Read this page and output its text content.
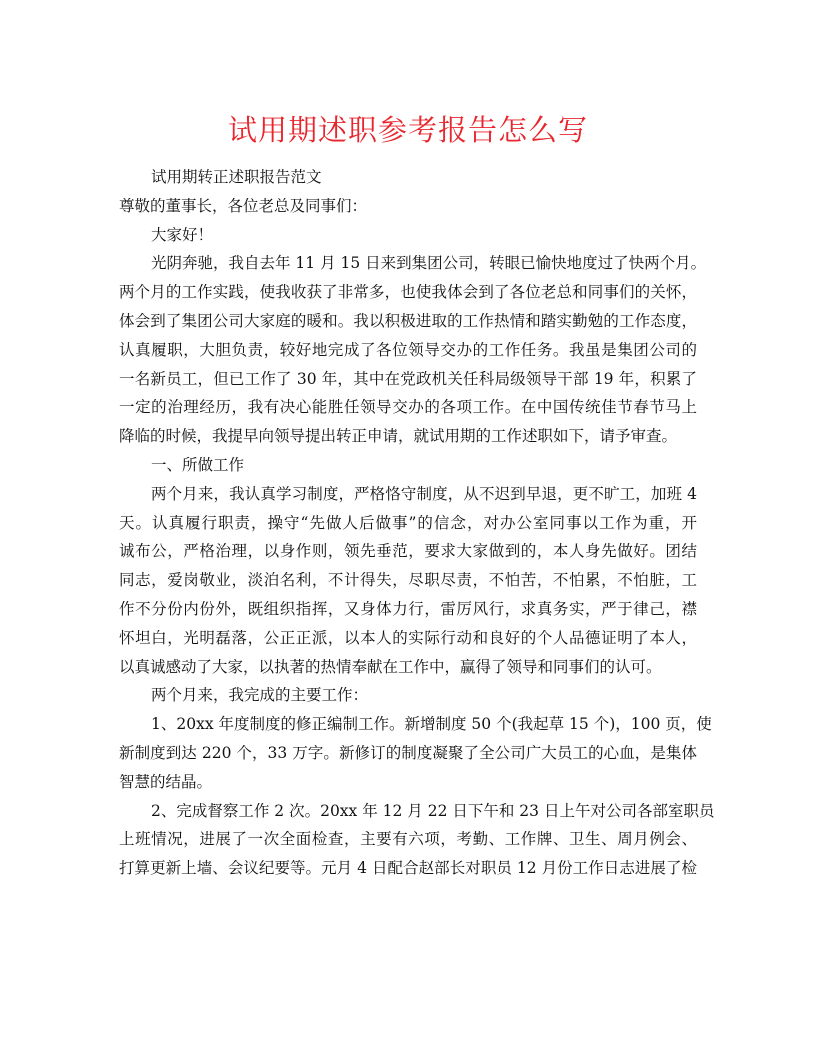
试用期述职参考报告怎么写
试用期转正述职报告范文
尊敬的董事长，各位老总及同事们：
大家好！
光阴奔驰，我自去年 11 月 15 日来到集团公司，转眼已愉快地度过了快两个月。
两个月的工作实践，使我收获了非常多，也使我体会到了各位老总和同事们的关怀，
体会到了集团公司大家庭的暖和。我以积极进取的工作热情和踏实勤勉的工作态度，
认真履职，大胆负责，较好地完成了各位领导交办的工作任务。我虽是集团公司的
一名新员工，但已工作了 30 年，其中在党政机关任科局级领导干部 19 年，积累了
一定的治理经历，我有决心能胜任领导交办的各项工作。在中国传统佳节春节马上
降临的时候，我提早向领导提出转正申请，就试用期的工作述职如下，请予审查。
一、所做工作
两个月来，我认真学习制度，严格恪守制度，从不迟到早退，更不旷工，加班 4
天。认真履行职责，操守“先做人后做事”的信念，对办公室同事以工作为重，开
诚布公，严格治理，以身作则，领先垂范，要求大家做到的，本人身先做好。团结
同志，爱岗敬业，淡泊名利，不计得失，尽职尽责，不怕苦，不怕累，不怕脏，工
作不分份内份外，既组织指挥，又身体力行，雷厉风行，求真务实，严于律己，襟
怀坦白，光明磊落，公正正派，以本人的实际行动和良好的个人品德证明了本人，
以真诚感动了大家，以执著的热情奉献在工作中，赢得了领导和同事们的认可。
两个月来，我完成的主要工作：
1、20xx 年度制度的修正编制工作。新增制度 50 个(我起草 15 个)，100 页，使
新制度到达 220 个，33 万字。新修订的制度凝聚了全公司广大员工的心血，是集体
智慧的结晶。
2、完成督察工作 2 次。20xx 年 12 月 22 日下午和 23 日上午对公司各部室职员
上班情况，进展了一次全面检查，主要有六项，考勤、工作牌、卫生、周月例会、
打算更新上墙、会议纪要等。元月 4 日配合赵部长对职员 12 月份工作日志进展了检
